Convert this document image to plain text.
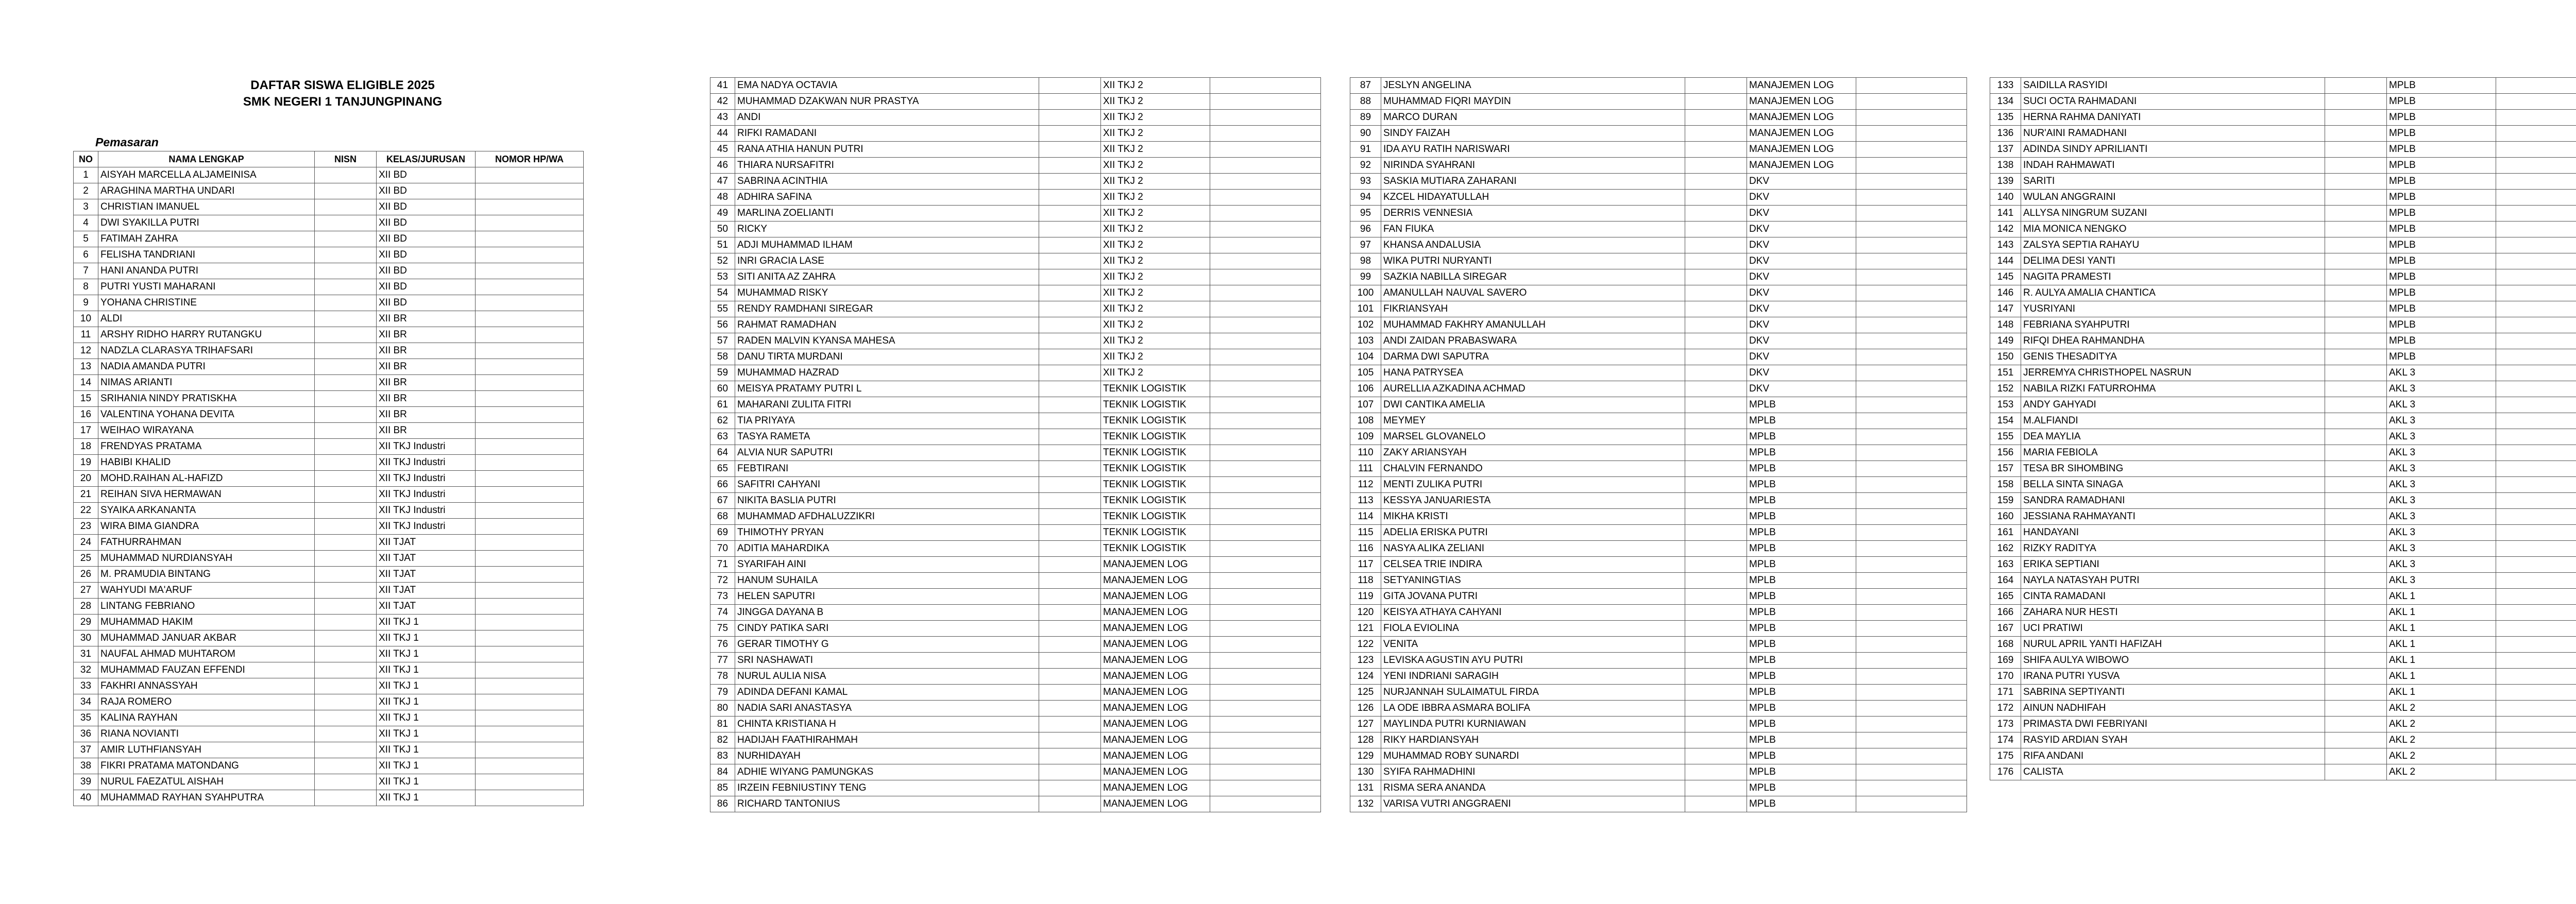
DAFTAR SISWA ELIGIBLE 2025
SMK NEGERI 1 TANJUNGPINANG
Pemasaran
NO	NAMA LENGKAP	NISN	KELAS/JURUSAN	NOMOR HP/WA
1	AISYAH MARCELLA ALJAMEINISA		XII BD	
2	ARAGHINA MARTHA UNDARI		XII BD	
3	CHRISTIAN IMANUEL		XII BD	
4	DWI SYAKILLA PUTRI		XII BD	
5	FATIMAH ZAHRA		XII BD	
6	FELISHA TANDRIANI		XII BD	
7	HANI ANANDA PUTRI		XII BD	
8	PUTRI YUSTI MAHARANI		XII BD	
9	YOHANA CHRISTINE		XII BD	
10	ALDI		XII BR	
11	ARSHY RIDHO HARRY RUTANGKU		XII BR	
12	NADZLA CLARASYA TRIHAFSARI		XII BR	
13	NADIA AMANDA PUTRI		XII BR	
14	NIMAS ARIANTI		XII BR	
15	SRIHANIA NINDY PRATISKHA		XII BR	
16	VALENTINA YOHANA DEVITA		XII BR	
17	WEIHAO WIRAYANA		XII BR	
18	FRENDYAS PRATAMA		XII TKJ Industri	
19	HABIBI KHALID		XII TKJ Industri	
20	MOHD.RAIHAN AL-HAFIZD		XII TKJ Industri	
21	REIHAN SIVA HERMAWAN		XII TKJ Industri	
22	SYAIKA ARKANANTA		XII TKJ Industri	
23	WIRA BIMA GIANDRA		XII TKJ Industri	
24	FATHURRAHMAN		XII TJAT	
25	MUHAMMAD NURDIANSYAH		XII TJAT	
26	M. PRAMUDIA BINTANG		XII TJAT	
27	WAHYUDI MA'ARUF		XII TJAT	
28	LINTANG FEBRIANO		XII TJAT	
29	MUHAMMAD HAKIM		XII TKJ 1	
30	MUHAMMAD JANUAR AKBAR		XII TKJ 1	
31	NAUFAL AHMAD MUHTAROM		XII TKJ 1	
32	MUHAMMAD FAUZAN EFFENDI		XII TKJ 1	
33	FAKHRI ANNASSYAH		XII TKJ 1	
34	RAJA ROMERO		XII TKJ 1	
35	KALINA RAYHAN		XII TKJ 1	
36	RIANA NOVIANTI		XII TKJ 1	
37	AMIR LUTHFIANSYAH		XII TKJ 1	
38	FIKRI PRATAMA MATONDANG		XII TKJ 1	
39	NURUL FAEZATUL AISHAH		XII TKJ 1	
40	MUHAMMAD RAYHAN SYAHPUTRA		XII TKJ 1	
41	EMA NADYA OCTAVIA		XII TKJ 2	
42	MUHAMMAD DZAKWAN NUR PRASTYA		XII TKJ 2	
43	ANDI		XII TKJ 2	
44	RIFKI RAMADANI		XII TKJ 2	
45	RANA ATHIA HANUN PUTRI		XII TKJ 2	
46	THIARA NURSAFITRI		XII TKJ 2	
47	SABRINA ACINTHIA		XII TKJ 2	
48	ADHIRA SAFINA		XII TKJ 2	
49	MARLINA ZOELIANTI		XII TKJ 2	
50	RICKY		XII TKJ 2	
51	ADJI MUHAMMAD ILHAM		XII TKJ 2	
52	INRI GRACIA LASE		XII TKJ 2	
53	SITI ANITA AZ ZAHRA		XII TKJ 2	
54	MUHAMMAD RISKY		XII TKJ 2	
55	RENDY RAMDHANI SIREGAR		XII TKJ 2	
56	RAHMAT RAMADHAN		XII TKJ 2	
57	RADEN MALVIN KYANSA MAHESA		XII TKJ 2	
58	DANU TIRTA MURDANI		XII TKJ 2	
59	MUHAMMAD HAZRAD		XII TKJ 2	
60	MEISYA PRATAMY PUTRI L		TEKNIK LOGISTIK	
61	MAHARANI ZULITA FITRI		TEKNIK LOGISTIK	
62	TIA PRIYAYA		TEKNIK LOGISTIK	
63	TASYA RAMETA		TEKNIK LOGISTIK	
64	ALVIA NUR SAPUTRI		TEKNIK LOGISTIK	
65	FEBTIRANI		TEKNIK LOGISTIK	
66	SAFITRI CAHYANI		TEKNIK LOGISTIK	
67	NIKITA BASLIA PUTRI		TEKNIK LOGISTIK	
68	MUHAMMAD AFDHALUZZIKRI		TEKNIK LOGISTIK	
69	THIMOTHY PRYAN		TEKNIK LOGISTIK	
70	ADITIA MAHARDIKA		TEKNIK LOGISTIK	
71	SYARIFAH AINI		MANAJEMEN LOG	
72	HANUM SUHAILA		MANAJEMEN LOG	
73	HELEN SAPUTRI		MANAJEMEN LOG	
74	JINGGA DAYANA B		MANAJEMEN LOG	
75	CINDY PATIKA SARI		MANAJEMEN LOG	
76	GERAR TIMOTHY G		MANAJEMEN LOG	
77	SRI NASHAWATI		MANAJEMEN LOG	
78	NURUL AULIA NISA		MANAJEMEN LOG	
79	ADINDA DEFANI KAMAL		MANAJEMEN LOG	
80	NADIA SARI ANASTASYA		MANAJEMEN LOG	
81	CHINTA KRISTIANA H		MANAJEMEN LOG	
82	HADIJAH FAATHIRAHMAH		MANAJEMEN LOG	
83	NURHIDAYAH		MANAJEMEN LOG	
84	ADHIE WIYANG PAMUNGKAS		MANAJEMEN LOG	
85	IRZEIN FEBNIUSTINY TENG		MANAJEMEN LOG	
86	RICHARD TANTONIUS		MANAJEMEN LOG	
87	JESLYN ANGELINA		MANAJEMEN LOG	
88	MUHAMMAD FIQRI MAYDIN		MANAJEMEN LOG	
89	MARCO DURAN		MANAJEMEN LOG	
90	SINDY FAIZAH		MANAJEMEN LOG	
91	IDA AYU RATIH NARISWARI		MANAJEMEN LOG	
92	NIRINDA SYAHRANI		MANAJEMEN LOG	
93	SASKIA MUTIARA ZAHARANI		DKV	
94	KZCEL HIDAYATULLAH		DKV	
95	DERRIS VENNESIA		DKV	
96	FAN FIUKA		DKV	
97	KHANSA ANDALUSIA		DKV	
98	WIKA PUTRI NURYANTI		DKV	
99	SAZKIA NABILLA SIREGAR		DKV	
100	AMANULLAH NAUVAL SAVERO		DKV	
101	FIKRIANSYAH		DKV	
102	MUHAMMAD FAKHRY AMANULLAH		DKV	
103	ANDI ZAIDAN PRABASWARA		DKV	
104	DARMA DWI SAPUTRA		DKV	
105	HANA PATRYSEA		DKV	
106	AURELLIA AZKADINA ACHMAD		DKV	
107	DWI CANTIKA AMELIA		MPLB	
108	MEYMEY		MPLB	
109	MARSEL GLOVANELO		MPLB	
110	ZAKY ARIANSYAH		MPLB	
111	CHALVIN FERNANDO		MPLB	
112	MENTI ZULIKA PUTRI		MPLB	
113	KESSYA JANUARIESTA		MPLB	
114	MIKHA KRISTI		MPLB	
115	ADELIA ERISKA PUTRI		MPLB	
116	NASYA ALIKA ZELIANI		MPLB	
117	CELSEA TRIE INDIRA		MPLB	
118	SETYANINGTIAS		MPLB	
119	GITA JOVANA PUTRI		MPLB	
120	KEISYA ATHAYA CAHYANI		MPLB	
121	FIOLA EVIOLINA		MPLB	
122	VENITA		MPLB	
123	LEVISKA AGUSTIN AYU PUTRI		MPLB	
124	YENI INDRIANI SARAGIH		MPLB	
125	NURJANNAH SULAIMATUL FIRDA		MPLB	
126	LA ODE IBBRA ASMARA BOLIFA		MPLB	
127	MAYLINDA PUTRI KURNIAWAN		MPLB	
128	RIKY HARDIANSYAH		MPLB	
129	MUHAMMAD ROBY SUNARDI		MPLB	
130	SYIFA RAHMADHINI		MPLB	
131	RISMA SERA ANANDA		MPLB	
132	VARISA VUTRI ANGGRAENI		MPLB	
133	SAIDILLA RASYIDI		MPLB	
134	SUCI OCTA RAHMADANI		MPLB	
135	HERNA RAHMA DANIYATI		MPLB	
136	NUR'AINI RAMADHANI		MPLB	
137	ADINDA SINDY APRILIANTI		MPLB	
138	INDAH RAHMAWATI		MPLB	
139	SARITI		MPLB	
140	WULAN ANGGRAINI		MPLB	
141	ALLYSA NINGRUM SUZANI		MPLB	
142	MIA MONICA NENGKO		MPLB	
143	ZALSYA SEPTIA RAHAYU		MPLB	
144	DELIMA DESI YANTI		MPLB	
145	NAGITA PRAMESTI		MPLB	
146	R. AULYA AMALIA CHANTICA		MPLB	
147	YUSRIYANI		MPLB	
148	FEBRIANA SYAHPUTRI		MPLB	
149	RIFQI DHEA RAHMANDHA		MPLB	
150	GENIS THESADITYA		MPLB	
151	JERREMYA CHRISTHOPEL NASRUN		AKL 3	
152	NABILA RIZKI FATURROHMA		AKL 3	
153	ANDY GAHYADI		AKL 3	
154	M.ALFIANDI		AKL 3	
155	DEA MAYLIA		AKL 3	
156	MARIA FEBIOLA		AKL 3	
157	TESA BR SIHOMBING		AKL 3	
158	BELLA SINTA SINAGA		AKL 3	
159	SANDRA RAMADHANI		AKL 3	
160	JESSIANA RAHMAYANTI		AKL 3	
161	HANDAYANI		AKL 3	
162	RIZKY RADITYA		AKL 3	
163	ERIKA SEPTIANI		AKL 3	
164	NAYLA NATASYAH PUTRI		AKL 3	
165	CINTA RAMADANI		AKL 1	
166	ZAHARA NUR HESTI		AKL 1	
167	UCI PRATIWI		AKL 1	
168	NURUL APRIL YANTI HAFIZAH		AKL 1	
169	SHIFA AULYA WIBOWO		AKL 1	
170	IRANA PUTRI YUSVA		AKL 1	
171	SABRINA SEPTIYANTI		AKL 1	
172	AINUN NADHIFAH		AKL 2	
173	PRIMASTA DWI FEBRIYANI		AKL 2	
174	RASYID ARDIAN SYAH		AKL 2	
175	RIFA ANDANI		AKL 2	
176	CALISTA		AKL 2	
